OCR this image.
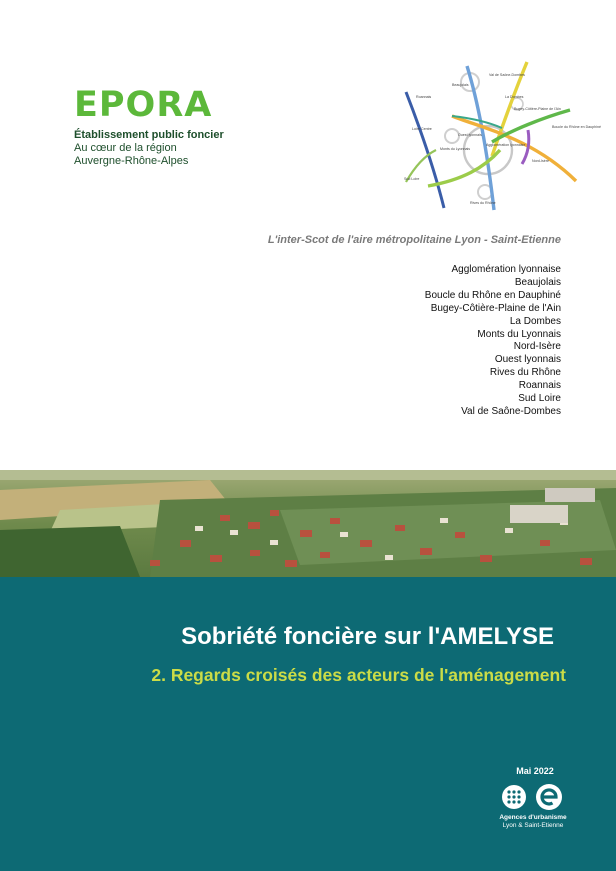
EPORA
Établissement public foncier
Au cœur de la région
Auvergne-Rhône-Alpes
Val de Saône-Dombes
Beaujolais
La Dombes
Roannais
Bugey-Côtière-Plaine de l'Ain
Boucle du Rhône en Dauphiné
Monts du Lyonnais
Agglomération lyonnaise
Ouest lyonnais
Nord-Isère
Sud Loire
Rives du Rhône
Loire Centre
L'inter-Scot de l'aire métropolitaine Lyon - Saint-Etienne
Agglomération lyonnaise
Beaujolais
Boucle du Rhône en Dauphiné
Bugey-Côtière-Plaine de l'Ain
La Dombes
Monts du Lyonnais
Nord-Isère
Ouest lyonnais
Rives du Rhône
Roannais
Sud Loire
Val de Saône-Dombes
Sobriété foncière sur l'AMELYSE
2. Regards croisés des acteurs de l'aménagement
Mai 2022
Agences d'urbanisme
Lyon & Saint-Etienne
